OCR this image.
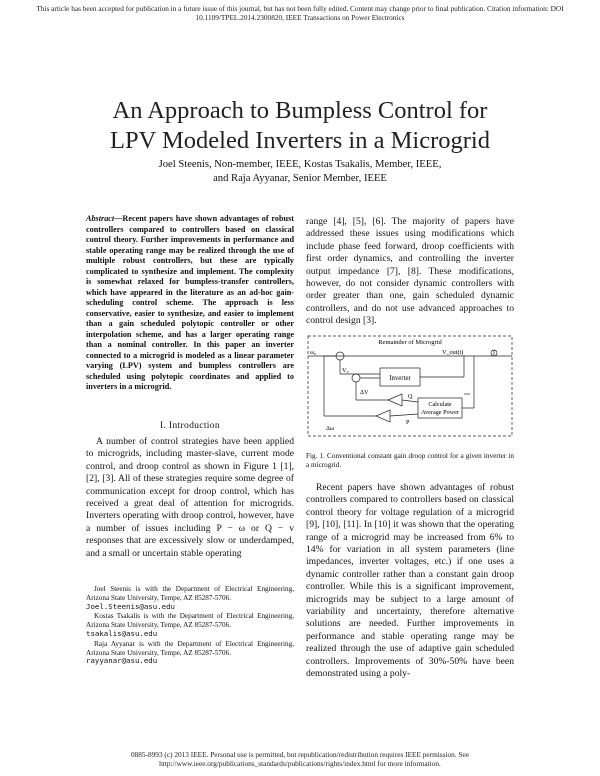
This article has been accepted for publication in a future issue of this journal, but has not been fully edited. Content may change prior to final publication. Citation information: DOI
10.1109/TPEL.2014.2300820, IEEE Transactions on Power Electronics
An Approach to Bumpless Control for
LPV Modeled Inverters in a Microgrid
Joel Steenis, Non-member, IEEE, Kostas Tsakalis, Member, IEEE,
and Raja Ayyanar, Senior Member, IEEE
Abstract—Recent papers have shown advantages of robust controllers compared to controllers based on classical control theory. Further improvements in performance and stable operating range may be realized through the use of multiple robust controllers, but these are typically complicated to synthesize and implement. The complexity is somewhat relaxed for bumpless-transfer controllers, which have appeared in the literature as an ad-hoc gain-scheduling control scheme. The approach is less conservative, easier to synthesize, and easier to implement than a gain scheduled polytopic controller or other interpolation scheme, and has a larger operating range than a nominal controller. In this paper an inverter connected to a microgrid is modeled as a linear parameter varying (LPV) system and bumpless controllers are scheduled using polytopic coordinates and applied to inverters in a microgrid.
I. Introduction
A number of control strategies have been applied to microgrids, including master-slave, current mode control, and droop control as shown in Figure 1 [1], [2], [3]. All of these strategies require some degree of communication except for droop control, which has received a great deal of attention for microgrids. Inverters operating with droop control, however, have a number of issues including P − ω or Q − v responses that are excessively slow or underdamped, and a small or uncertain stable operating

Joel Steenis is with the Department of Electrical Engineering, Arizona State University, Tempe, AZ 85287-5706.
Joel.Steenis@asu.edu

Kostas Tsakalis is with the Department of Electrical Engineering, Arizona State University, Tempe, AZ 85287-5706.
tsakalis@asu.edu

Raja Ayyanar is with the Department of Electrical Engineering, Arizona State University, Tempe, AZ 85287-5706.
rayyanar@asu.edu

range [4], [5], [6]. The majority of papers have addressed these issues using modifications which include phase feed forward, droop coefficients with first order dynamics, and controlling the inverter output impedance [7], [8]. These modifications, however, do not consider dynamic controllers with order greater than one, gain scheduled dynamic controllers, and do not use advanced approaches to control design [3].
Remainder of Microgrid
Inverter
Calculate
Average Power
V_out(t)
ω₀
V₀
Q
P
Δω
ΔV
Fig. 1. Conventional constant gain droop control for a given inverter in a microgrid.
Recent papers have shown advantages of robust controllers compared to controllers based on classical control theory for voltage regulation of a microgrid [9], [10], [11]. In [10] it was shown that the operating range of a microgrid may be increased from 6% to 14% for variation in all system parameters (line impedances, inverter voltages, etc.) if one uses a dynamic controller rather than a constant gain droop controller. While this is a significant improvement, microgrids may be subject to a large amount of variability and uncertainty, therefore alternative solutions are needed. Further improvements in performance and stable operating range may be realized through the use of adaptive gain scheduled controllers. Improvements of 30%-50% have been demonstrated using a poly-
0885-8993 (c) 2013 IEEE. Personal use is permitted, but republication/redistribution requires IEEE permission. See
http://www.ieee.org/publications_standards/publications/rights/index.html for more information.
